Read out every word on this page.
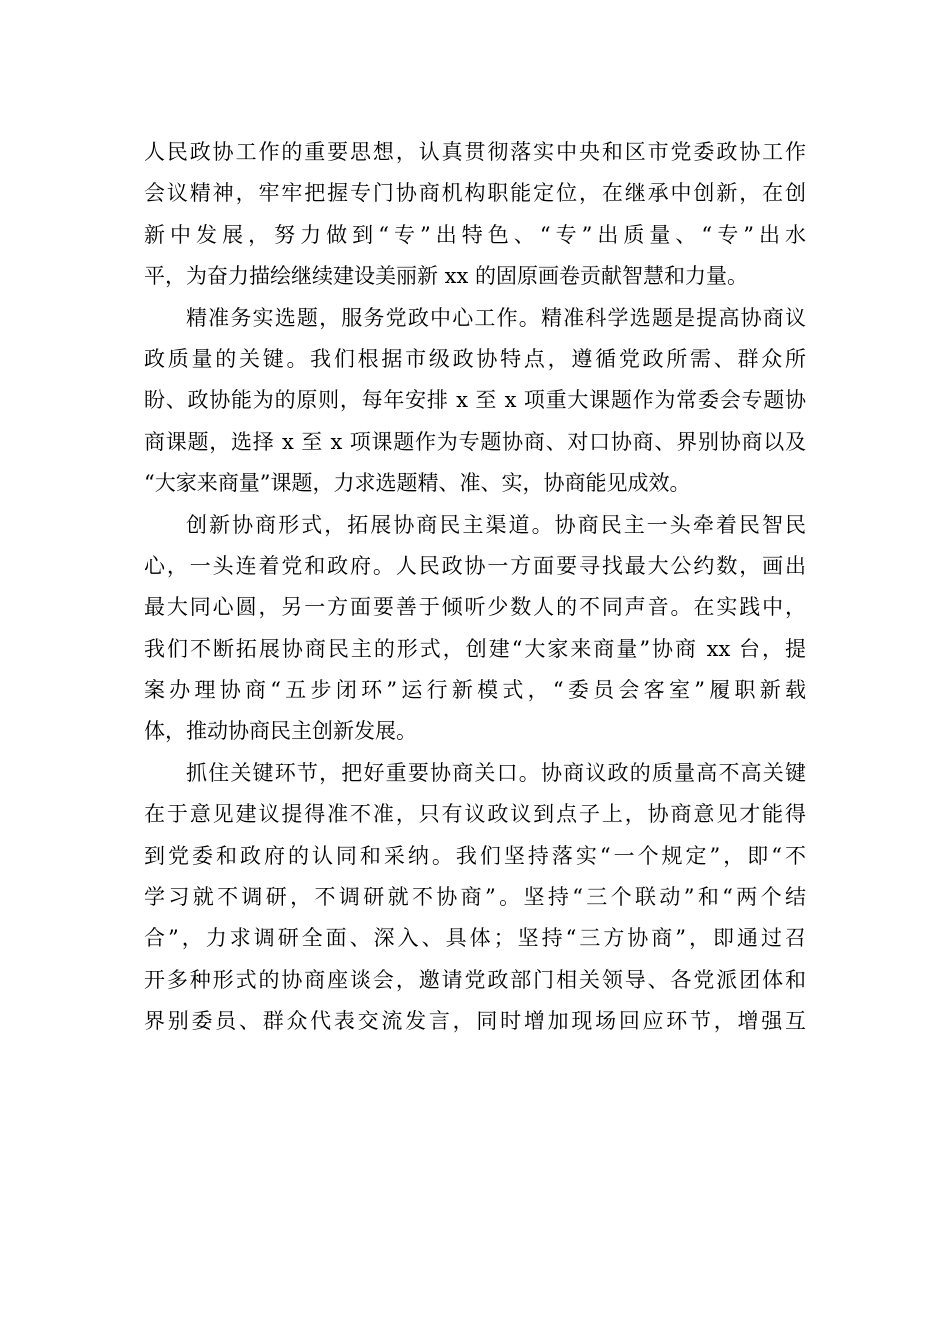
人民政协工作的重要思想，认真贯彻落实中央和区市党委政协工作
会议精神，牢牢把握专门协商机构职能定位，在继承中创新，在创
新中发展，努力做到“专”出特色、“专”出质量、“专”出水
平，为奋力描绘继续建设美丽新 xx 的固原画卷贡献智慧和力量。
精准务实选题，服务党政中心工作。精准科学选题是提高协商议
政质量的关键。我们根据市级政协特点，遵循党政所需、群众所
盼、政协能为的原则，每年安排 x 至 x 项重大课题作为常委会专题协
商课题，选择 x 至 x 项课题作为专题协商、对口协商、界别协商以及
“大家来商量”课题，力求选题精、准、实，协商能见成效。
创新协商形式，拓展协商民主渠道。协商民主一头牵着民智民
心，一头连着党和政府。人民政协一方面要寻找最大公约数，画出
最大同心圆，另一方面要善于倾听少数人的不同声音。在实践中，
我们不断拓展协商民主的形式，创建“大家来商量”协商 xx 台，提
案办理协商“五步闭环”运行新模式，“委员会客室”履职新载
体，推动协商民主创新发展。
抓住关键环节，把好重要协商关口。协商议政的质量高不高关键
在于意见建议提得准不准，只有议政议到点子上，协商意见才能得
到党委和政府的认同和采纳。我们坚持落实“一个规定”，即“不
学习就不调研，不调研就不协商”。坚持“三个联动”和“两个结
合”，力求调研全面、深入、具体；坚持“三方协商”，即通过召
开多种形式的协商座谈会，邀请党政部门相关领导、各党派团体和
界别委员、群众代表交流发言，同时增加现场回应环节，增强互
